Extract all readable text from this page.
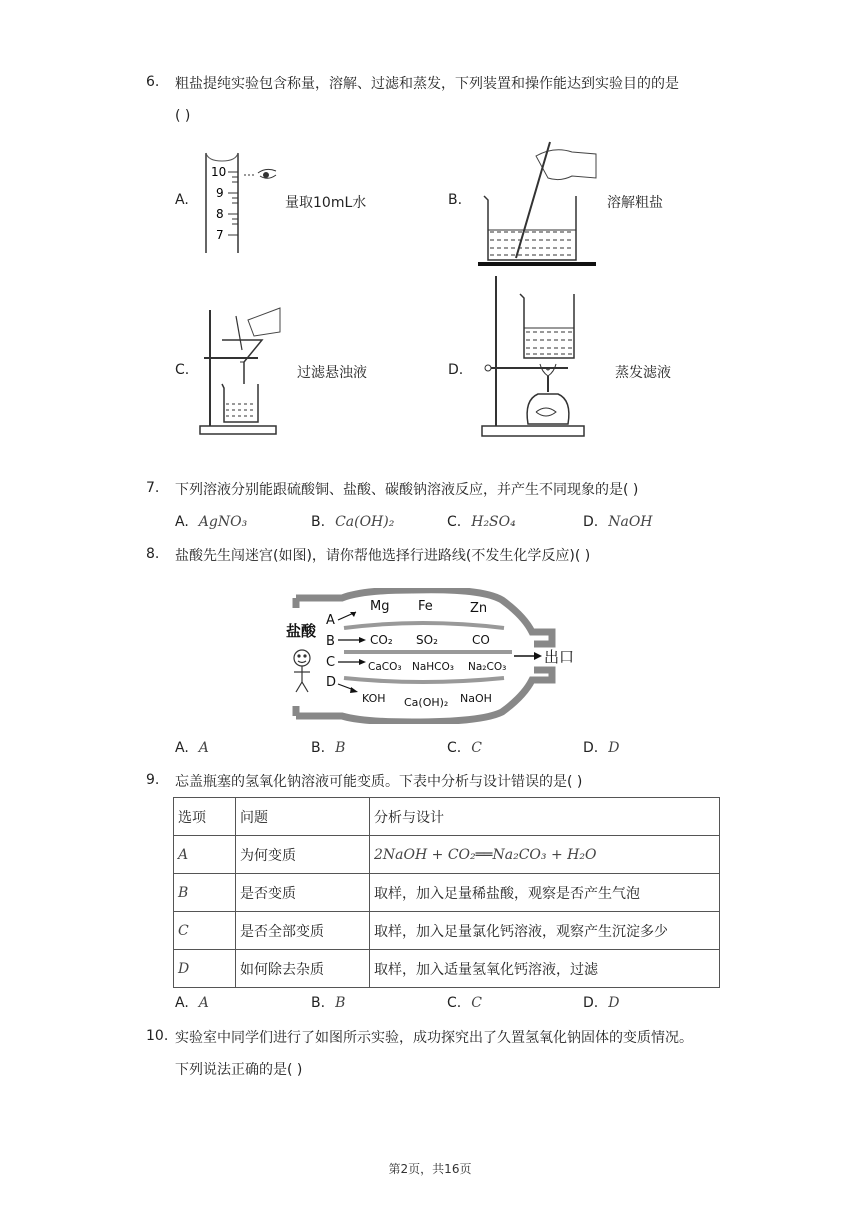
6. 粗盐提纯实验包含称量，溶解、过滤和蒸发，下列装置和操作能达到实验目的的是
( )
A.
10
9
8
7
量取10mL水	B.	溶解粗盐
C.	过滤悬浊液	D.	蒸发滤液
7. 下列溶液分别能跟硫酸铜、盐酸、碳酸钠溶液反应，并产生不同现象的是( )
A. AgNO₃	B. Ca(OH)₂	C. H₂SO₄	D. NaOH
8. 盐酸先生闯迷宫(如图)，请你帮他选择行进路线(不发生化学反应)( )
盐酸
A
B
C
D
Mg Fe	Zn
CO₂ SO₂	CO
CaCO₃ NaHCO₃ Na₂CO₃
KOH Ca(OH)₂ NaOH
出口
A. A	B. B	C. C	D. D
9. 忘盖瓶塞的氢氧化钠溶液可能变质。下表中分析与设计错误的是( )
选项	问题	分析与设计
A	为何变质	2NaOH + CO₂══Na₂CO₃ + H₂O
B	是否变质	取样，加入足量稀盐酸，观察是否产生气泡
C	是否全部变质	取样，加入足量氯化钙溶液，观察产生沉淀多少
D	如何除去杂质	取样，加入适量氢氧化钙溶液，过滤
A. A	B. B	C. C	D. D
10. 实验室中同学们进行了如图所示实验，成功探究出了久置氢氧化钠固体的变质情况。
下列说法正确的是( )
第2页，共16页
